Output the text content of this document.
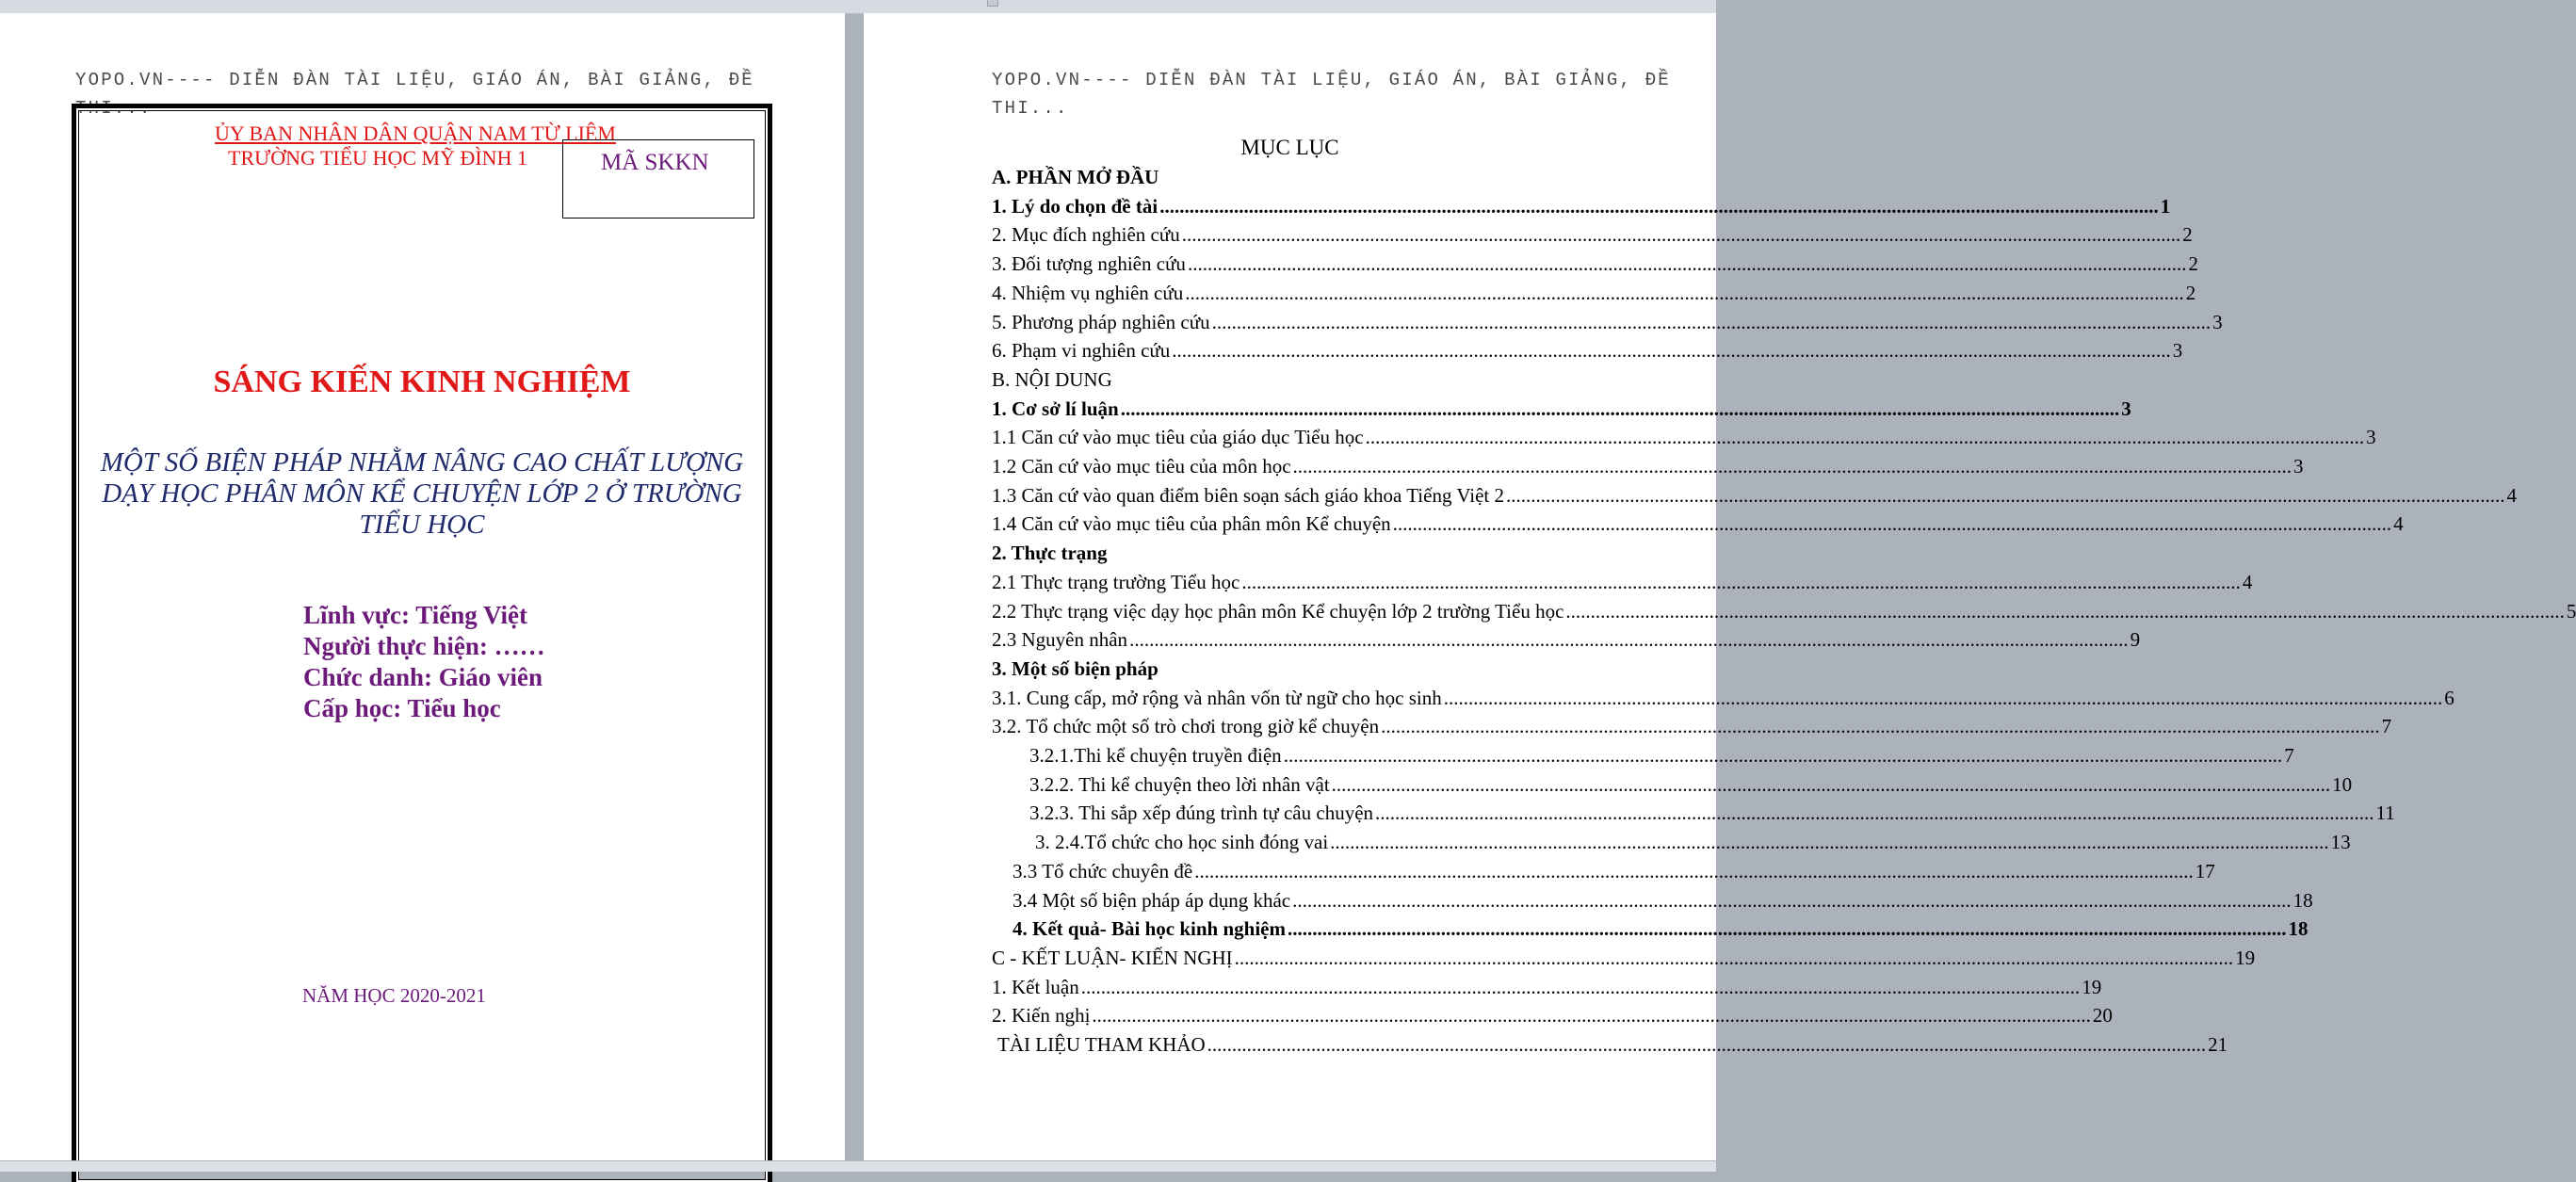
YOPO.VN---- DIỄN ĐÀN TÀI LIỆU, GIÁO ÁN, BÀI GIẢNG, ĐỀ THI...
ỦY BAN NHÂN DÂN QUẬN NAM TỪ LIÊM
TRƯỜNG TIỂU HỌC MỸ ĐÌNH 1	MÃ SKKN
SÁNG KIẾN KINH NGHIỆM
MỘT SỐ BIỆN PHÁP NHẰM NÂNG CAO CHẤT LƯỢNG DẠY HỌC PHÂN MÔN KỂ CHUYỆN LỚP 2 Ở TRƯỜNG TIỂU HỌC
Lĩnh vực: Tiếng Việt
Người thực hiện: ……
Chức danh: Giáo viên
Cấp học: Tiểu học
NĂM HỌC 2020-2021
YOPO.VN---- DIỄN ĐÀN TÀI LIỆU, GIÁO ÁN, BÀI GIẢNG, ĐỀ THI...
MỤC LỤC
A. PHẦN MỞ ĐẦU
1. Lý do chọn đề tài .....	1
2. Mục đích nghiên cứu .....	2
3. Đối tượng nghiên cứu .....	2
4. Nhiệm vụ nghiên cứu .....	2
5. Phương pháp nghiên cứu .....	3
6. Phạm vi nghiên cứu .....	3
B. NỘI DUNG
1. Cơ sở lí luận .....	3
1.1 Căn cứ vào mục tiêu của giáo dục Tiểu học .....	3
1.2 Căn cứ vào mục tiêu của môn học .....	3
1.3 Căn cứ vào quan điểm biên soạn sách giáo khoa Tiếng Việt 2 .....	4
1.4 Căn cứ vào mục tiêu của phân môn Kể chuyện .....	4
2. Thực trạng
2.1 Thực trạng trường Tiểu học .....	4
2.2 Thực trạng việc dạy học phân môn Kể chuyện lớp 2 trường Tiểu học .....	5
2.3 Nguyên nhân .....	9
3. Một số biện pháp
3.1. Cung cấp, mở rộng và nhân vốn từ ngữ cho học sinh .....	6
3.2. Tổ chức một số trò chơi trong giờ kể chuyện .....	7
3.2.1.Thi kể chuyện truyền điện .....	7
3.2.2. Thi kể chuyện theo lời nhân vật .....	10
3.2.3. Thi sắp xếp đúng trình tự câu chuyện .....	11
3. 2.4.Tổ chức cho học sinh đóng vai .....	13
3.3 Tổ chức chuyên đề .....	17
3.4 Một số biện pháp áp dụng khác .....	18
4. Kết quả- Bài học kinh nghiệm .....	18
C - KẾT LUẬN- KIẾN NGHỊ .....	19
1. Kết luận .....	19
2. Kiến nghị .....	20
TÀI LIỆU THAM KHẢO .....	21
